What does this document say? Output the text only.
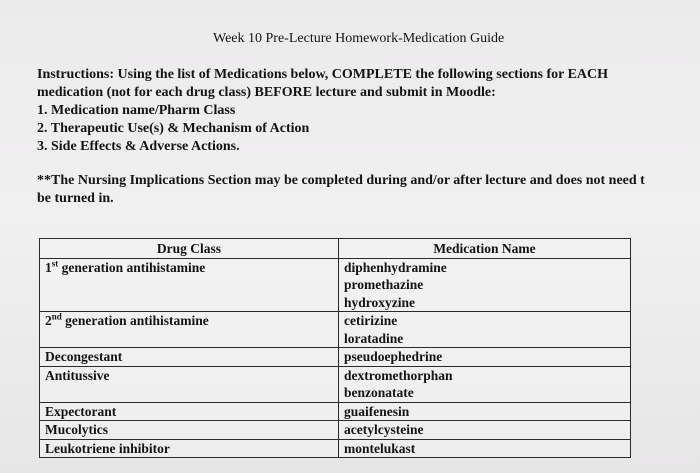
Week 10 Pre-Lecture Homework-Medication Guide

Instructions: Using the list of Medications below, COMPLETE the following sections for EACH

medication (not for each drug class) BEFORE lecture and submit in Moodle:

1. Medication name/Pharm Class

2. Therapeutic Use(s) & Mechanism of Action

3. Side Effects & Adverse Actions.

**The Nursing Implications Section may be completed during and/or after lecture and does not need t

be turned in.

Drug Class	Medication Name
1st generation antihistamine	diphenhydramine
promethazine
hydroxyzine

2nd generation antihistamine	cetirizine
loratadine

Decongestant	pseudoephedrine

Antitussive	dextromethorphan
benzonatate

Expectorant	guaifenesin

Mucolytics	acetylcysteine

Leukotriene inhibitor	montelukast
